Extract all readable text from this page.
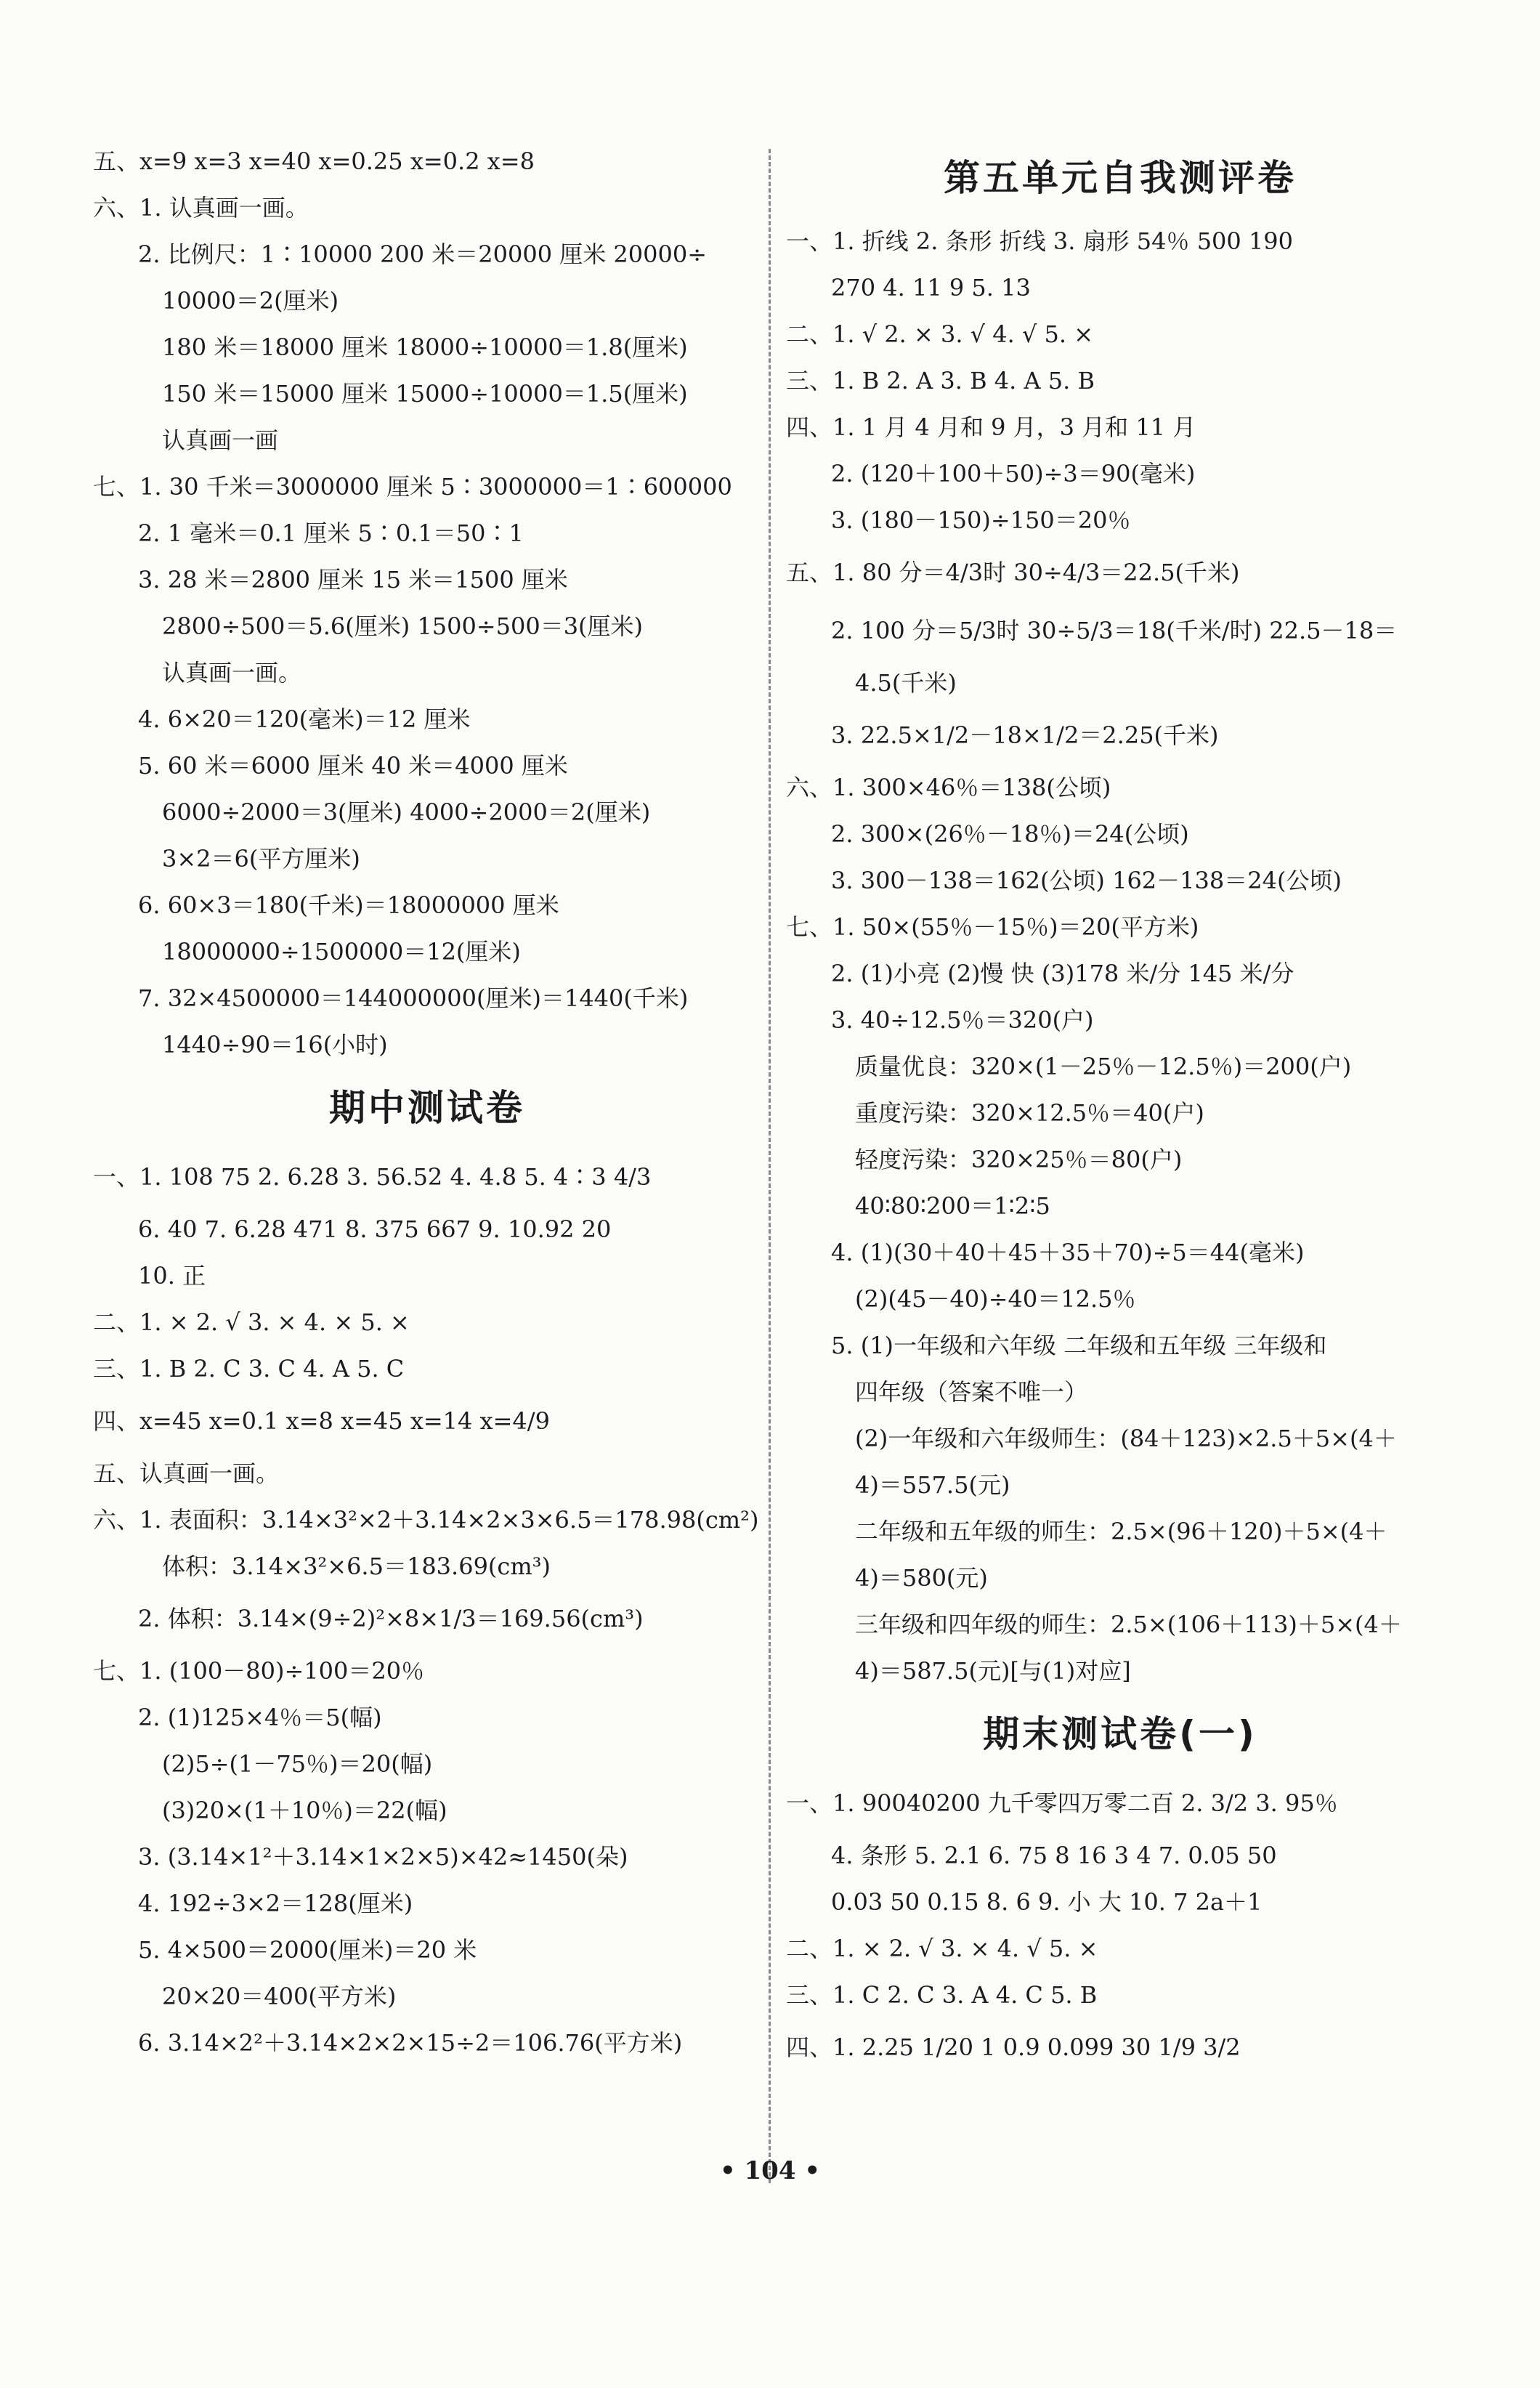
五、x=9 x=3 x=40 x=0.25 x=0.2 x=8
六、1. 认真画一画。
2. 比例尺：1∶10000 200 米＝20000 厘米 20000÷
10000＝2(厘米)
180 米＝18000 厘米 18000÷10000＝1.8(厘米)
150 米＝15000 厘米 15000÷10000＝1.5(厘米)
认真画一画
七、1. 30 千米＝3000000 厘米 5∶3000000＝1∶600000
2. 1 毫米＝0.1 厘米 5∶0.1＝50∶1
3. 28 米＝2800 厘米 15 米＝1500 厘米
2800÷500＝5.6(厘米) 1500÷500＝3(厘米)
认真画一画。
4. 6×20＝120(毫米)＝12 厘米
5. 60 米＝6000 厘米 40 米＝4000 厘米
6000÷2000＝3(厘米) 4000÷2000＝2(厘米)
3×2＝6(平方厘米)
6. 60×3＝180(千米)＝18000000 厘米
18000000÷1500000＝12(厘米)
7. 32×4500000＝144000000(厘米)＝1440(千米)
1440÷90＝16(小时)
期中测试卷
一、1. 108 75 2. 6.28 3. 56.52 4. 4.8 5. 4∶3 4/3
6. 40 7. 6.28 471 8. 375 667 9. 10.92 20
10. 正
二、1. × 2. √ 3. × 4. × 5. ×
三、1. B 2. C 3. C 4. A 5. C
四、x=45 x=0.1 x=8 x=45 x=14 x=4/9
五、认真画一画。
六、1. 表面积：3.14×3²×2＋3.14×2×3×6.5＝178.98(cm²)
体积：3.14×3²×6.5＝183.69(cm³)
2. 体积：3.14×(9÷2)²×8×1/3＝169.56(cm³)
七、1. (100－80)÷100＝20％
2. (1)125×4％＝5(幅)
(2)5÷(1－75％)＝20(幅)
(3)20×(1＋10％)＝22(幅)
3. (3.14×1²＋3.14×1×2×5)×42≈1450(朵)
4. 192÷3×2＝128(厘米)
5. 4×500＝2000(厘米)＝20 米
20×20＝400(平方米)
6. 3.14×2²＋3.14×2×2×15÷2＝106.76(平方米)
第五单元自我测评卷
一、1. 折线 2. 条形 折线 3. 扇形 54％ 500 190
270 4. 11 9 5. 13
二、1. √ 2. × 3. √ 4. √ 5. ×
三、1. B 2. A 3. B 4. A 5. B
四、1. 1 月 4 月和 9 月，3 月和 11 月
2. (120＋100＋50)÷3＝90(毫米)
3. (180－150)÷150＝20％
五、1. 80 分＝4/3时 30÷4/3＝22.5(千米)
2. 100 分＝5/3时 30÷5/3＝18(千米/时) 22.5－18＝
4.5(千米)
3. 22.5×1/2－18×1/2＝2.25(千米)
六、1. 300×46％＝138(公顷)
2. 300×(26％－18％)＝24(公顷)
3. 300－138＝162(公顷) 162－138＝24(公顷)
七、1. 50×(55％－15％)＝20(平方米)
2. (1)小亮 (2)慢 快 (3)178 米/分 145 米/分
3. 40÷12.5％＝320(户)
质量优良：320×(1－25％－12.5％)＝200(户)
重度污染：320×12.5％＝40(户)
轻度污染：320×25％＝80(户)
40∶80∶200＝1∶2∶5
4. (1)(30＋40＋45＋35＋70)÷5＝44(毫米)
(2)(45－40)÷40＝12.5％
5. (1)一年级和六年级 二年级和五年级 三年级和
四年级（答案不唯一）
(2)一年级和六年级师生：(84＋123)×2.5＋5×(4＋
4)＝557.5(元)
二年级和五年级的师生：2.5×(96＋120)＋5×(4＋
4)＝580(元)
三年级和四年级的师生：2.5×(106＋113)＋5×(4＋
4)＝587.5(元)[与(1)对应]
期末测试卷(一)
一、1. 90040200 九千零四万零二百 2. 3/2 3. 95％
4. 条形 5. 2.1 6. 75 8 16 3 4 7. 0.05 50
0.03 50 0.15 8. 6 9. 小 大 10. 7 2a＋1
二、1. × 2. √ 3. × 4. √ 5. ×
三、1. C 2. C 3. A 4. C 5. B
四、1. 2.25 1/20 1 0.9 0.099 30 1/9 3/2
• 104 •
